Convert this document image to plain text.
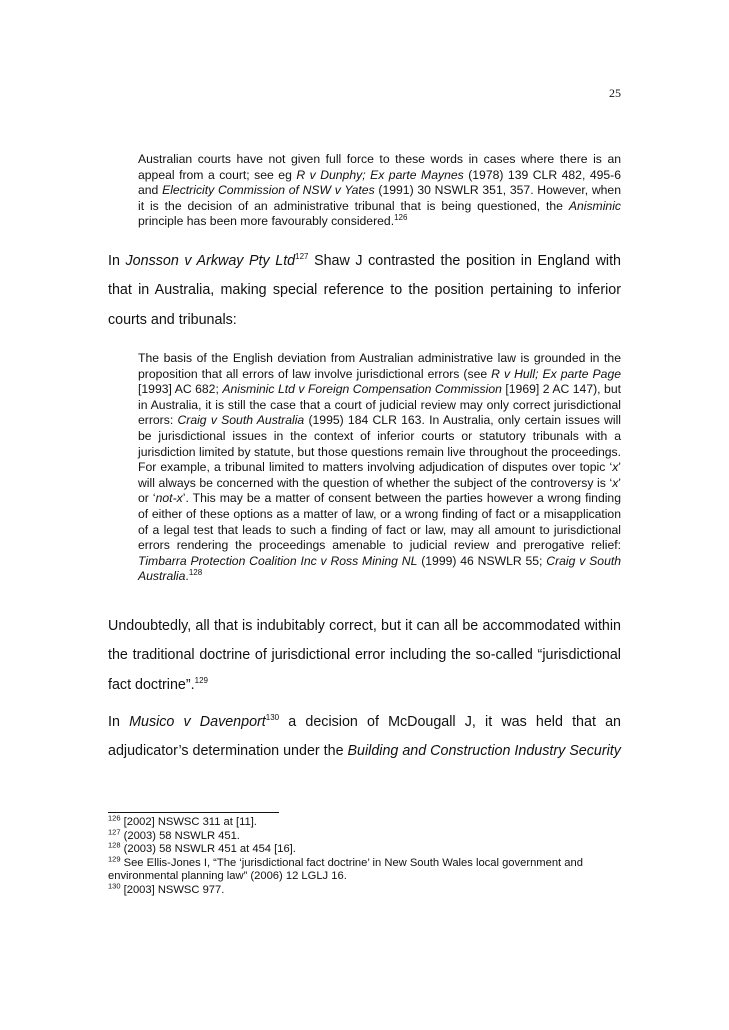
25

Australian courts have not given full force to these words in cases where there is an appeal from a court; see eg R v Dunphy; Ex parte Maynes (1978) 139 CLR 482, 495-6 and Electricity Commission of NSW v Yates (1991) 30 NSWLR 351, 357. However, when it is the decision of an administrative tribunal that is being questioned, the Anisminic principle has been more favourably considered.$^{126}$

In Jonsson v Arkway Pty Ltd$^{127}$ Shaw J contrasted the position in England with that in Australia, making special reference to the position pertaining to inferior courts and tribunals:

The basis of the English deviation from Australian administrative law is grounded in the proposition that all errors of law involve jurisdictional errors (see R v Hull; Ex parte Page [1993] AC 682; Anisminic Ltd v Foreign Compensation Commission [1969] 2 AC 147), but in Australia, it is still the case that a court of judicial review may only correct jurisdictional errors: Craig v South Australia (1995) 184 CLR 163. In Australia, only certain issues will be jurisdictional issues in the context of inferior courts or statutory tribunals with a jurisdiction limited by statute, but those questions remain live throughout the proceedings. For example, a tribunal limited to matters involving adjudication of disputes over topic ‘x’ will always be concerned with the question of whether the subject of the controversy is ‘x’ or ‘not-x’. This may be a matter of consent between the parties however a wrong finding of either of these options as a matter of law, or a wrong finding of fact or a misapplication of a legal test that leads to such a finding of fact or law, may all amount to jurisdictional errors rendering the proceedings amenable to judicial review and prerogative relief: Timbarra Protection Coalition Inc v Ross Mining NL (1999) 46 NSWLR 55; Craig v South Australia.$^{128}$

Undoubtedly, all that is indubitably correct, but it can all be accommodated within the traditional doctrine of jurisdictional error including the so-called “jurisdictional fact doctrine”.$^{129}$

In Musico v Davenport$^{130}$ a decision of McDougall J, it was held that an adjudicator’s determination under the Building and Construction Industry Security

$^{126}$ [2002] NSWSC 311 at [11].

$^{127}$ (2003) 58 NSWLR 451.

$^{128}$ (2003) 58 NSWLR 451 at 454 [16].

$^{129}$ See Ellis-Jones I, “The ‘jurisdictional fact doctrine’ in New South Wales local government and environmental planning law” (2006) 12 LGLJ 16.

$^{130}$ [2003] NSWSC 977.
